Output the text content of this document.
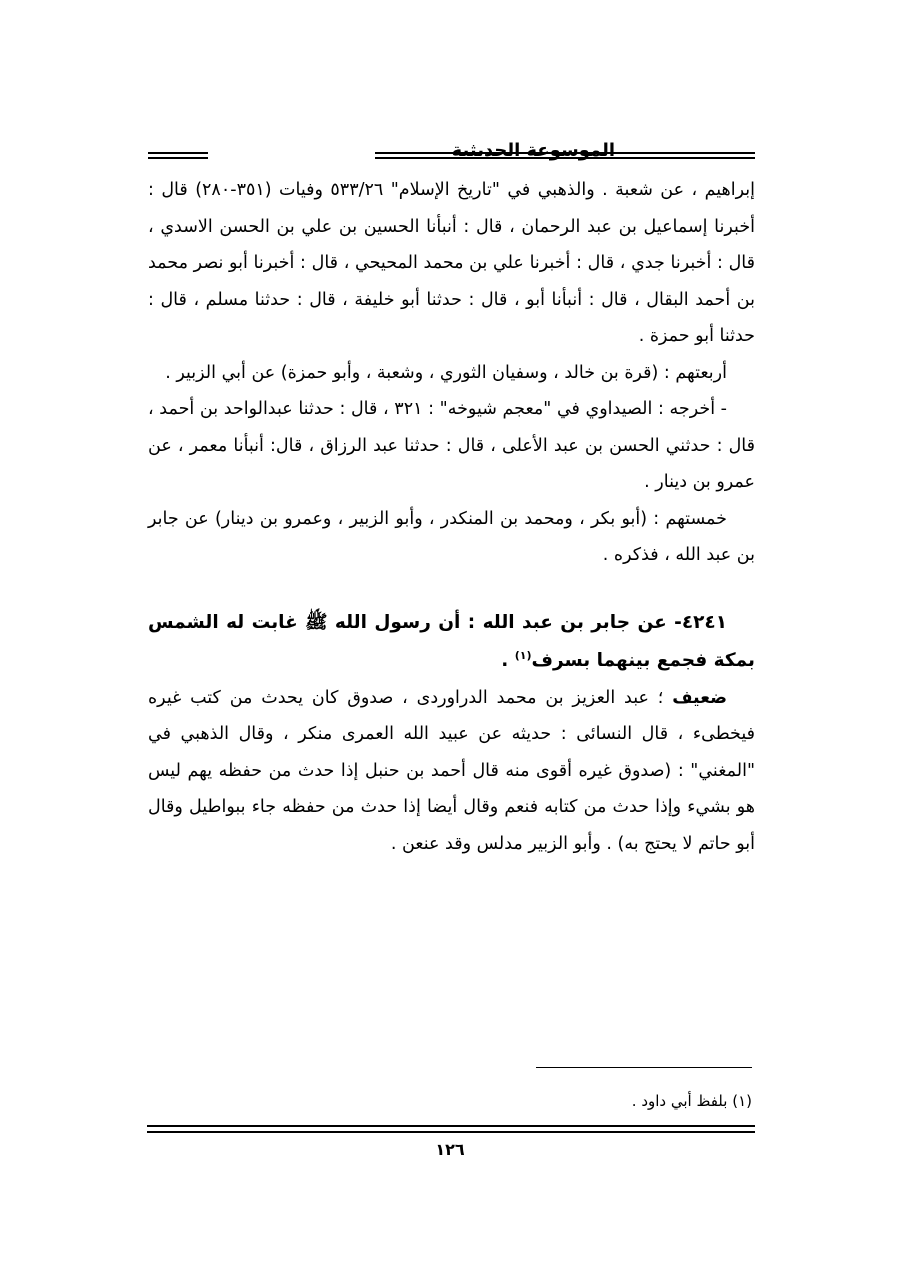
الموسوعة الحديثية

إبراهيم ، عن شعبة . والذهبي في "تاريخ الإسلام" ٥٣٣/٢٦ وفيات (٣٥١-٢٨٠) قال : أخبرنا إسماعيل بن عبد الرحمان ، قال : أنبأنا الحسين بن علي بن الحسن الاسدي ، قال : أخبرنا جدي ، قال : أخبرنا علي بن محمد المحيحي ، قال : أخبرنا أبو نصر محمد بن أحمد البقال ، قال : أنبأنا أبو ، قال : حدثنا أبو خليفة ، قال : حدثنا مسلم ، قال : حدثنا أبو حمزة .

أربعتهم : (قرة بن خالد ، وسفيان الثوري ، وشعبة ، وأبو حمزة) عن أبي الزبير .

- أخرجه : الصيداوي في "معجم شيوخه" : ٣٢١ ، قال : حدثنا عبدالواحد بن أحمد ، قال : حدثني الحسن بن عبد الأعلى ، قال : حدثنا عبد الرزاق ، قال: أنبأنا معمر ، عن عمرو بن دينار .

خمستهم : (أبو بكر ، ومحمد بن المنكدر ، وأبو الزبير ، وعمرو بن دينار) عن جابر بن عبد الله ، فذكره .

٤٢٤١- عن جابر بن عبد الله : أن رسول الله ﷺ غابت له الشمس بمكة فجمع بينهما بسرف$^{(١)}$ .

ضعيف ؛ عبد العزيز بن محمد الدراوردى ، صدوق كان يحدث من كتب غيره فيخطىء ، قال النسائى : حديثه عن عبيد الله العمرى منكر ، وقال الذهبي في "المغني" : (صدوق غيره أقوى منه قال أحمد بن حنبل إذا حدث من حفظه يهم ليس هو بشيء وإذا حدث من كتابه فنعم وقال أيضا إذا حدث من حفظه جاء ببواطيل وقال أبو حاتم لا يحتج به) . وأبو الزبير مدلس وقد عنعن .

(١) بلفظ أبي داود .
١٢٦
